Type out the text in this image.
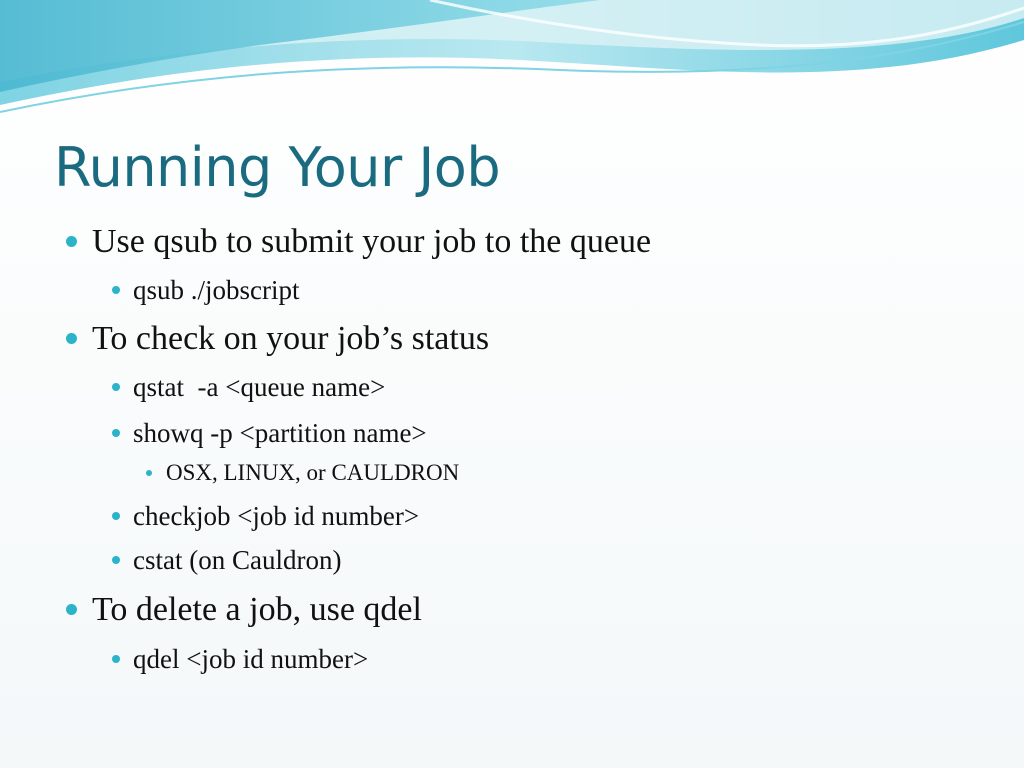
Running Your Job
Use qsub to submit your job to the queue
qsub ./jobscript
To check on your job’s status
qstat  -a <queue name>
showq -p <partition name>
OSX, LINUX, or CAULDRON
checkjob <job id number>
cstat (on Cauldron)
To delete a job, use qdel
qdel <job id number>
